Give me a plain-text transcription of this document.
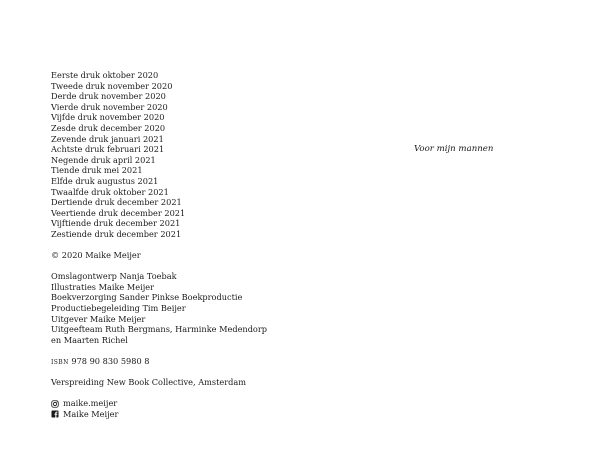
Eerste druk oktober 2020
Tweede druk november 2020
Derde druk november 2020
Vierde druk november 2020
Vijfde druk november 2020
Zesde druk december 2020
Zevende druk januari 2021
Achtste druk februari 2021
Negende druk april 2021
Tiende druk mei 2021
Elfde druk augustus 2021
Twaalfde druk oktober 2021
Dertiende druk december 2021
Veertiende druk december 2021
Vijftiende druk december 2021
Zestiende druk december 2021
© 2020 Maike Meijer
Omslagontwerp Nanja Toebak
Illustraties Maike Meijer
Boekverzorging Sander Pinkse Boekproductie
Productiebegeleiding Tim Beijer
Uitgever Maike Meijer
Uitgeefteam Ruth Bergmans, Harminke Medendorp
en Maarten Richel
isbn 978 90 830 5980 8
Verspreiding New Book Collective, Amsterdam
maike.meijer
Maike Meijer
Voor mijn mannen
